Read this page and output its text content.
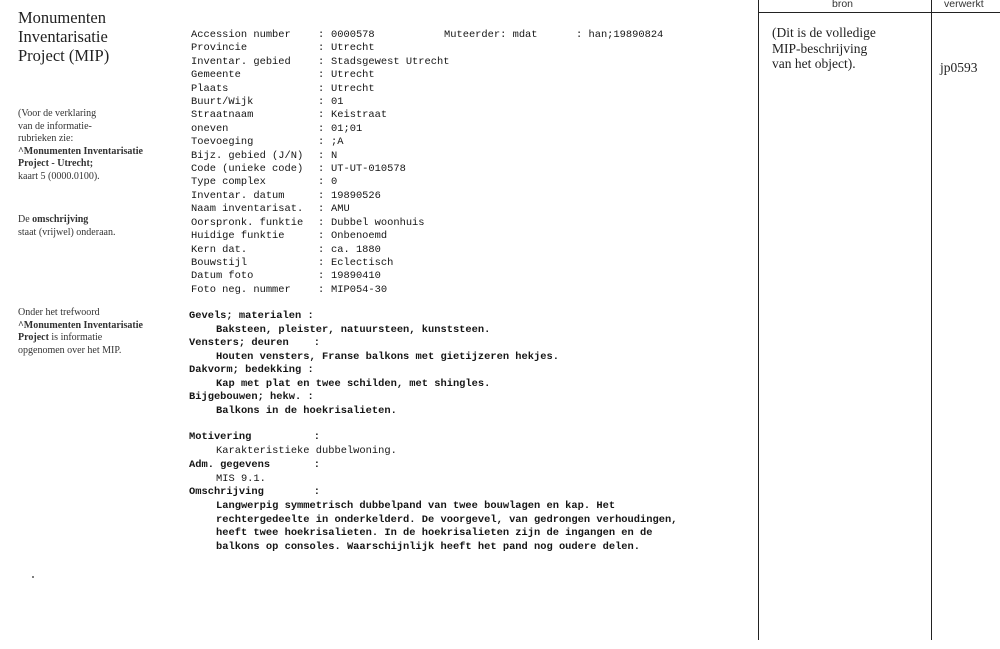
Monumenten
Inventarisatie
Project (MIP)
(Voor de verklaring
van de informatie-
rubrieken zie:
^Monumenten Inventarisatie
Project - Utrecht;
kaart 5 (0000.0100).
De omschrijving
staat (vrijwel) onderaan.
Onder het trefwoord
^Monumenten Inventarisatie
Project is informatie
opgenomen over het MIP.
Accession number	: 0000578	Muteerder: mdat	: han;19890824
Provincie	: Utrecht
Inventar. gebied	: Stadsgewest Utrecht
Gemeente	: Utrecht
Plaats	: Utrecht
Buurt/Wijk	: 01
Straatnaam	: Keistraat
oneven	: 01;01
Toevoeging	: ;A
Bijz. gebied (J/N) : N
Code (unieke code) : UT-UT-010578
Type complex	: 0
Inventar. datum	: 19890526
Naam inventarisat. : AMU
Oorspronk. funktie : Dubbel woonhuis
Huidige funktie	: Onbenoemd
Kern dat.	: ca. 1880
Bouwstijl	: Eclectisch
Datum foto	: 19890410
Foto neg. nummer	: MIP054-30
Gevels; materialen :
Baksteen, pleister, natuursteen, kunststeen.
Vensters; deuren    :
Houten vensters, Franse balkons met gietijzeren hekjes.
Dakvorm; bedekking :
Kap met plat en twee schilden, met shingles.
Bijgebouwen; hekw. :
Balkons in de hoekrisalieten.
Motivering          :
Karakteristieke dubbelwoning.
Adm. gegevens       :
MIS 9.1.
Omschrijving        :
Langwerpig symmetrisch dubbelpand van twee bouwlagen en kap. Het
rechtergedeelte in onderkelderd. De voorgevel, van gedrongen verhoudingen,
heeft twee hoekrisalieten. In de hoekrisalieten zijn de ingangen en de
balkons op consoles. Waarschijnlijk heeft het pand nog oudere delen.
bron	verwerkt
(Dit is de volledige
MIP-beschrijving
van het object).	jp0593
